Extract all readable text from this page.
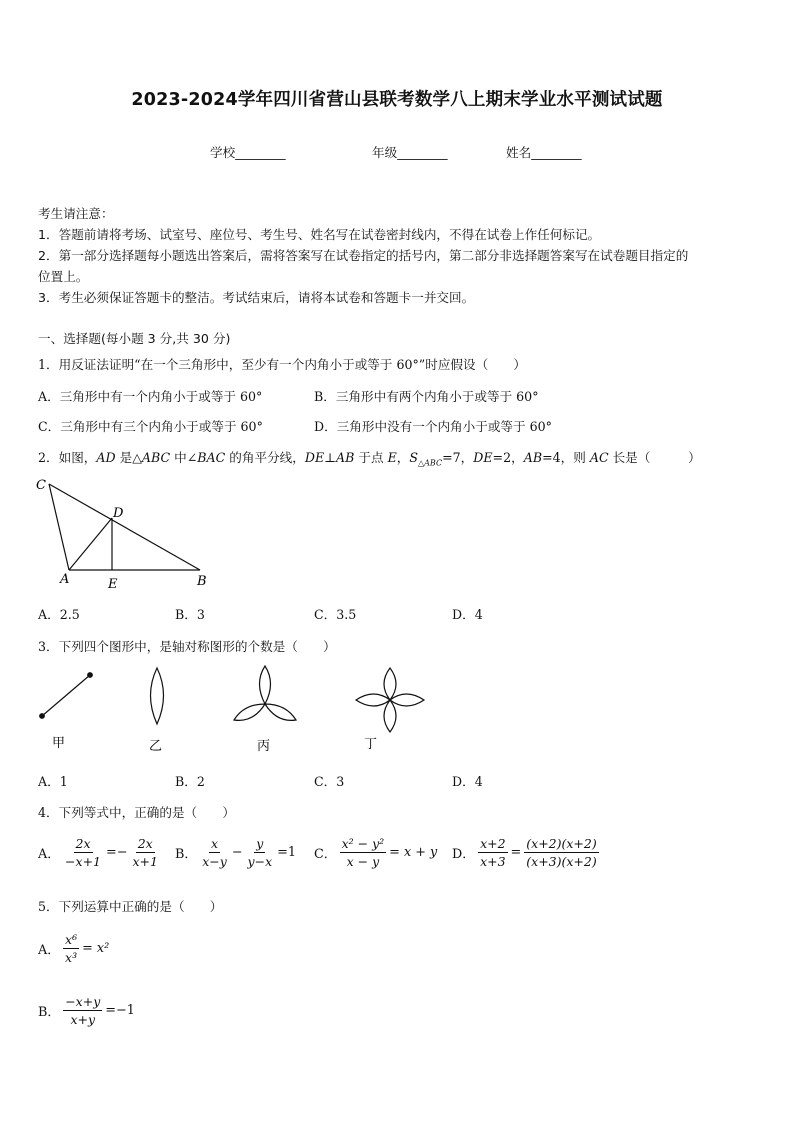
2023-2024学年四川省营山县联考数学八上期末学业水平测试试题
学校________	年级________	姓名________
考生请注意：
1．答题前请将考场、试室号、座位号、考生号、姓名写在试卷密封线内，不得在试卷上作任何标记。
2．第一部分选择题每小题选出答案后，需将答案写在试卷指定的括号内，第二部分非选择题答案写在试卷题目指定的
位置上。
3．考生必须保证答题卡的整洁。考试结束后，请将本试卷和答题卡一并交回。
一、选择题(每小题 3 分,共 30 分)
1．用反证法证明“在一个三角形中，至少有一个内角小于或等于 60°”时应假设（　　）
A．三角形中有一个内角小于或等于 60°	B．三角形中有两个内角小于或等于 60°
C．三角形中有三个内角小于或等于 60°	D．三角形中没有一个内角小于或等于 60°
2．如图，AD 是△ABC 中∠BAC 的角平分线，DE⊥AB 于点 E，$S_{\triangle ABC}=7$，DE=2，AB=4，则 AC 长是（　　　）
C
D
A	E	B
A．2.5	B．3	C．3.5	D．4
3．下列四个图形中，是轴对称图形的个数是（　　）
甲	乙	丙	丁
A．1	B．2	C．3	D．4
4．下列等式中，正确的是（　　）
A． $\frac{2x}{-x+1} =- \frac{2x}{x+1}$ B． $\frac{x}{x-y} - \frac{y}{y-x} =1$ C． $\frac{\text{x² − y²}}{x - y} = x + y$ D． $\frac{x+2}{x+3} = \frac{(x+2)(x+2)}{(x+3)(x+2)}$
5．下列运算中正确的是（　　）
A． $\frac{\text{x⁶}}{\text{x³}} = x^2$
B． $\frac{-x+y}{x+y} =-1$
